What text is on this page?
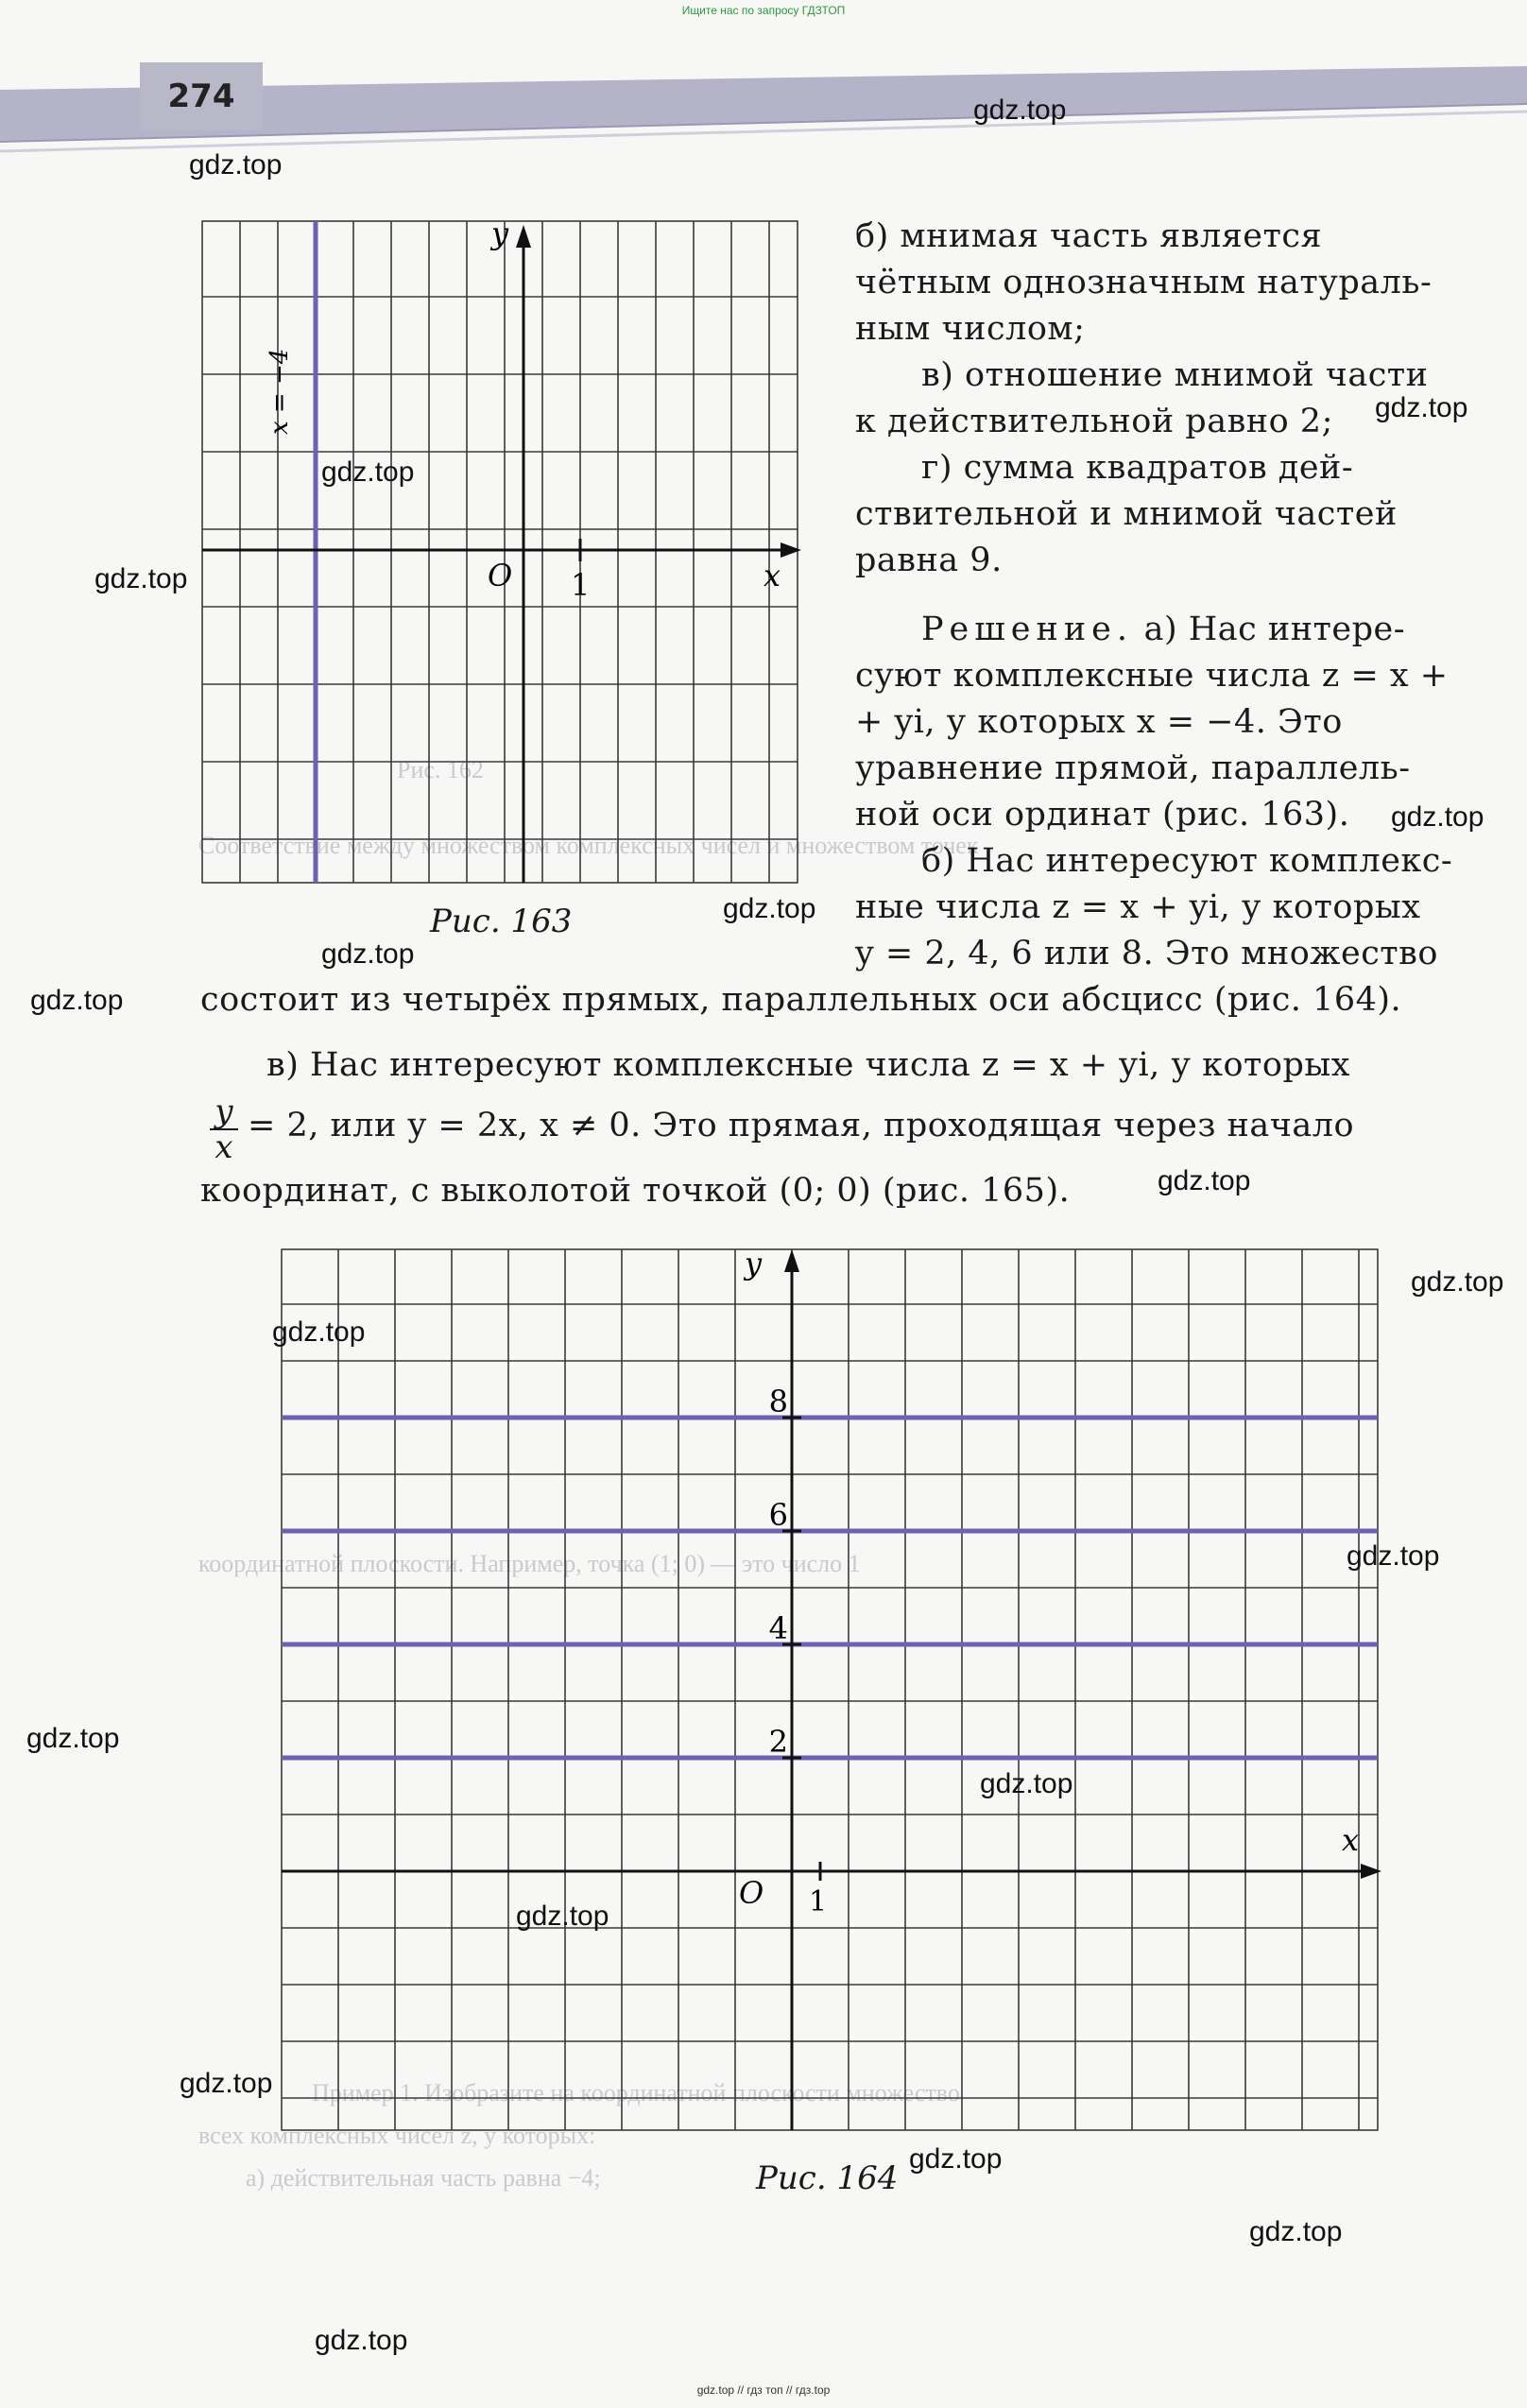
Ищите нас по запросу ГДЗТОП
274
Рис. 162
Соответствие между множеством комплексных чисел и множеством точек
координатной плоскости. Например, точка (1; 0) — это число 1
Пример 1. Изобразите на координатной плоскости множество
всех комплексных чисел z, у которых:
а) действительная часть равна −4;
y
x
O 1
x = −4
Рис. 163
б) мнимая часть является
чётным однозначным натураль-
ным числом;
в) отношение мнимой части
к действительной равно 2;
г) сумма квадратов дей-
ствительной и мнимой частей
равна 9.
Решение. а) Нас интере-
суют комплексные числа z = x +
+ yi, у которых x = −4. Это
уравнение прямой, параллель-
ной оси ординат (рис. 163).
б) Нас интересуют комплекс-
ные числа z = x + yi, у которых
y = 2, 4, 6 или 8. Это множество
состоит из четырёх прямых, параллельных оси абсцисс (рис. 164).
в) Нас интересуют комплексные числа z = x + yi, у которых
$\frac{y}{x} = 2$, или y = 2x, x ≠ 0. Это прямая, проходящая через начало
координат, с выколотой точкой (0; 0) (рис. 165).
y
x
O 1
8
6
4
2
Рис. 164
gdz.top
gdz.top
gdz.top
gdz.top
gdz.top
gdz.top
gdz.top
gdz.top
gdz.top
gdz.top
gdz.top
gdz.top
gdz.top
gdz.top
gdz.top
gdz.top
gdz.top
gdz.top
gdz.top
gdz.top
gdz.top // гдз топ // гдз.top
